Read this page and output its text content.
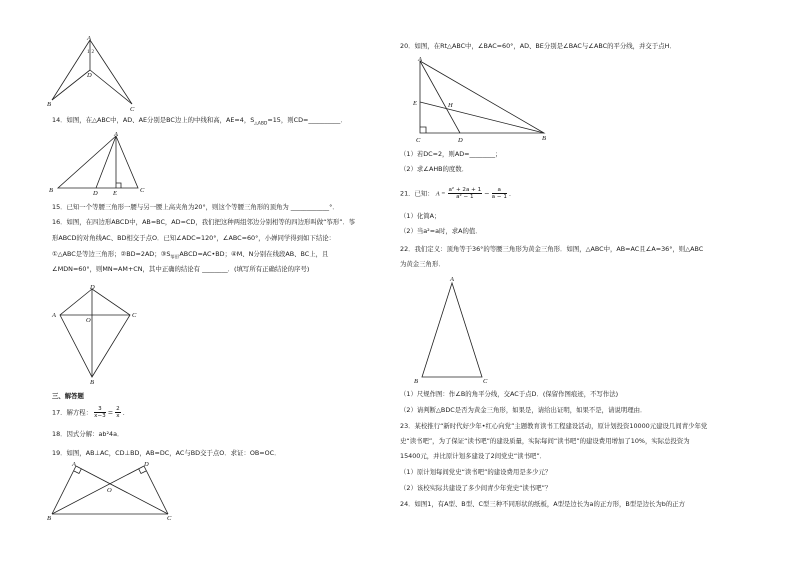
A
1 2
D
B
C
14．如图，在△ABC中，AD、AE分别是BC边上的中线和高，AE=4，$S_{\triangle ABD}=15$，则CD=__________．
A
B	D E	C
15．已知一个等腰三角形一腰与另一腰上高夹角为20°，则这个等腰三角形的顶角为 ____________°．
16．如图，在四边形ABCD中，AB=BC，AD=CD，我们把这种两组邻边分别相等的四边形叫做“筝形”．筝
形ABCD的对角线AC、BD相交于点O．已知∠ADC=120°，∠ABC=60°，小婵同学得到如下结论：
①△ABC是等边三角形；②BD=2AD；$③S_{筝形}ABCD=AC•BD$；④M、N分别在线段AB、BC上，且
∠MDN=60°，则MN=AM+CN，其中正确的结论有 ________．(填写所有正确结论的序号)
D
A
O
C
B
三、解答题
17．解方程： $\frac{3}{x-3} = \frac{2}{x}$ ．
18．因式分解：ab²4a．
19．如图，AB⊥AC，CD⊥BD，AB=DC，AC与BD交于点O．求证：OB=OC．
A	D
O
B	C
20．如图，在Rt△ABC中，∠BAC=60°，AD、BE分别是∠BAC与∠ABC的平分线，并交于点H．
A
E	H
C	D	B
（1）若DC=2，则AD=________；
（2）求∠AHB的度数．
21．已知： $A = \frac{\text{a² + 2a + 1}}{\text{a² − 1}} - \frac{a}{a - 1}$ ．
（1）化简A；
（2）当a²=a时，求A的值．
22．我们定义：顶角等于36°的等腰三角形为黄金三角形．如图，△ABC中，AB=AC且∠A=36°，则△ABC
为黄金三角形．
A
B	C
（1）尺规作图：作∠B的角平分线，交AC于点D．(保留作图痕迹，不写作法)
（2）请判断△BDC是否为黄金三角形，如果是，请给出证明，如果不是，请说明理由．
23．某校推行“新时代好少年•红心向党”主题教育读书工程建设活动，原计划投资10000元建设几间青少年党
史“读书吧”，为了保证“读书吧”的建设质量，实际每间“读书吧”的建设费用增加了10%，实际总投资为
15400元，并比原计划多建设了2间党史“读书吧”．
（1）原计划每间党史“读书吧”的建设费用是多少元？
（2）该校实际共建设了多少间青少年党史“读书吧”？
24．如图1，有A型、B型、C型三种不同形状的纸板，A型是边长为a的正方形，B型是边长为b的正方
